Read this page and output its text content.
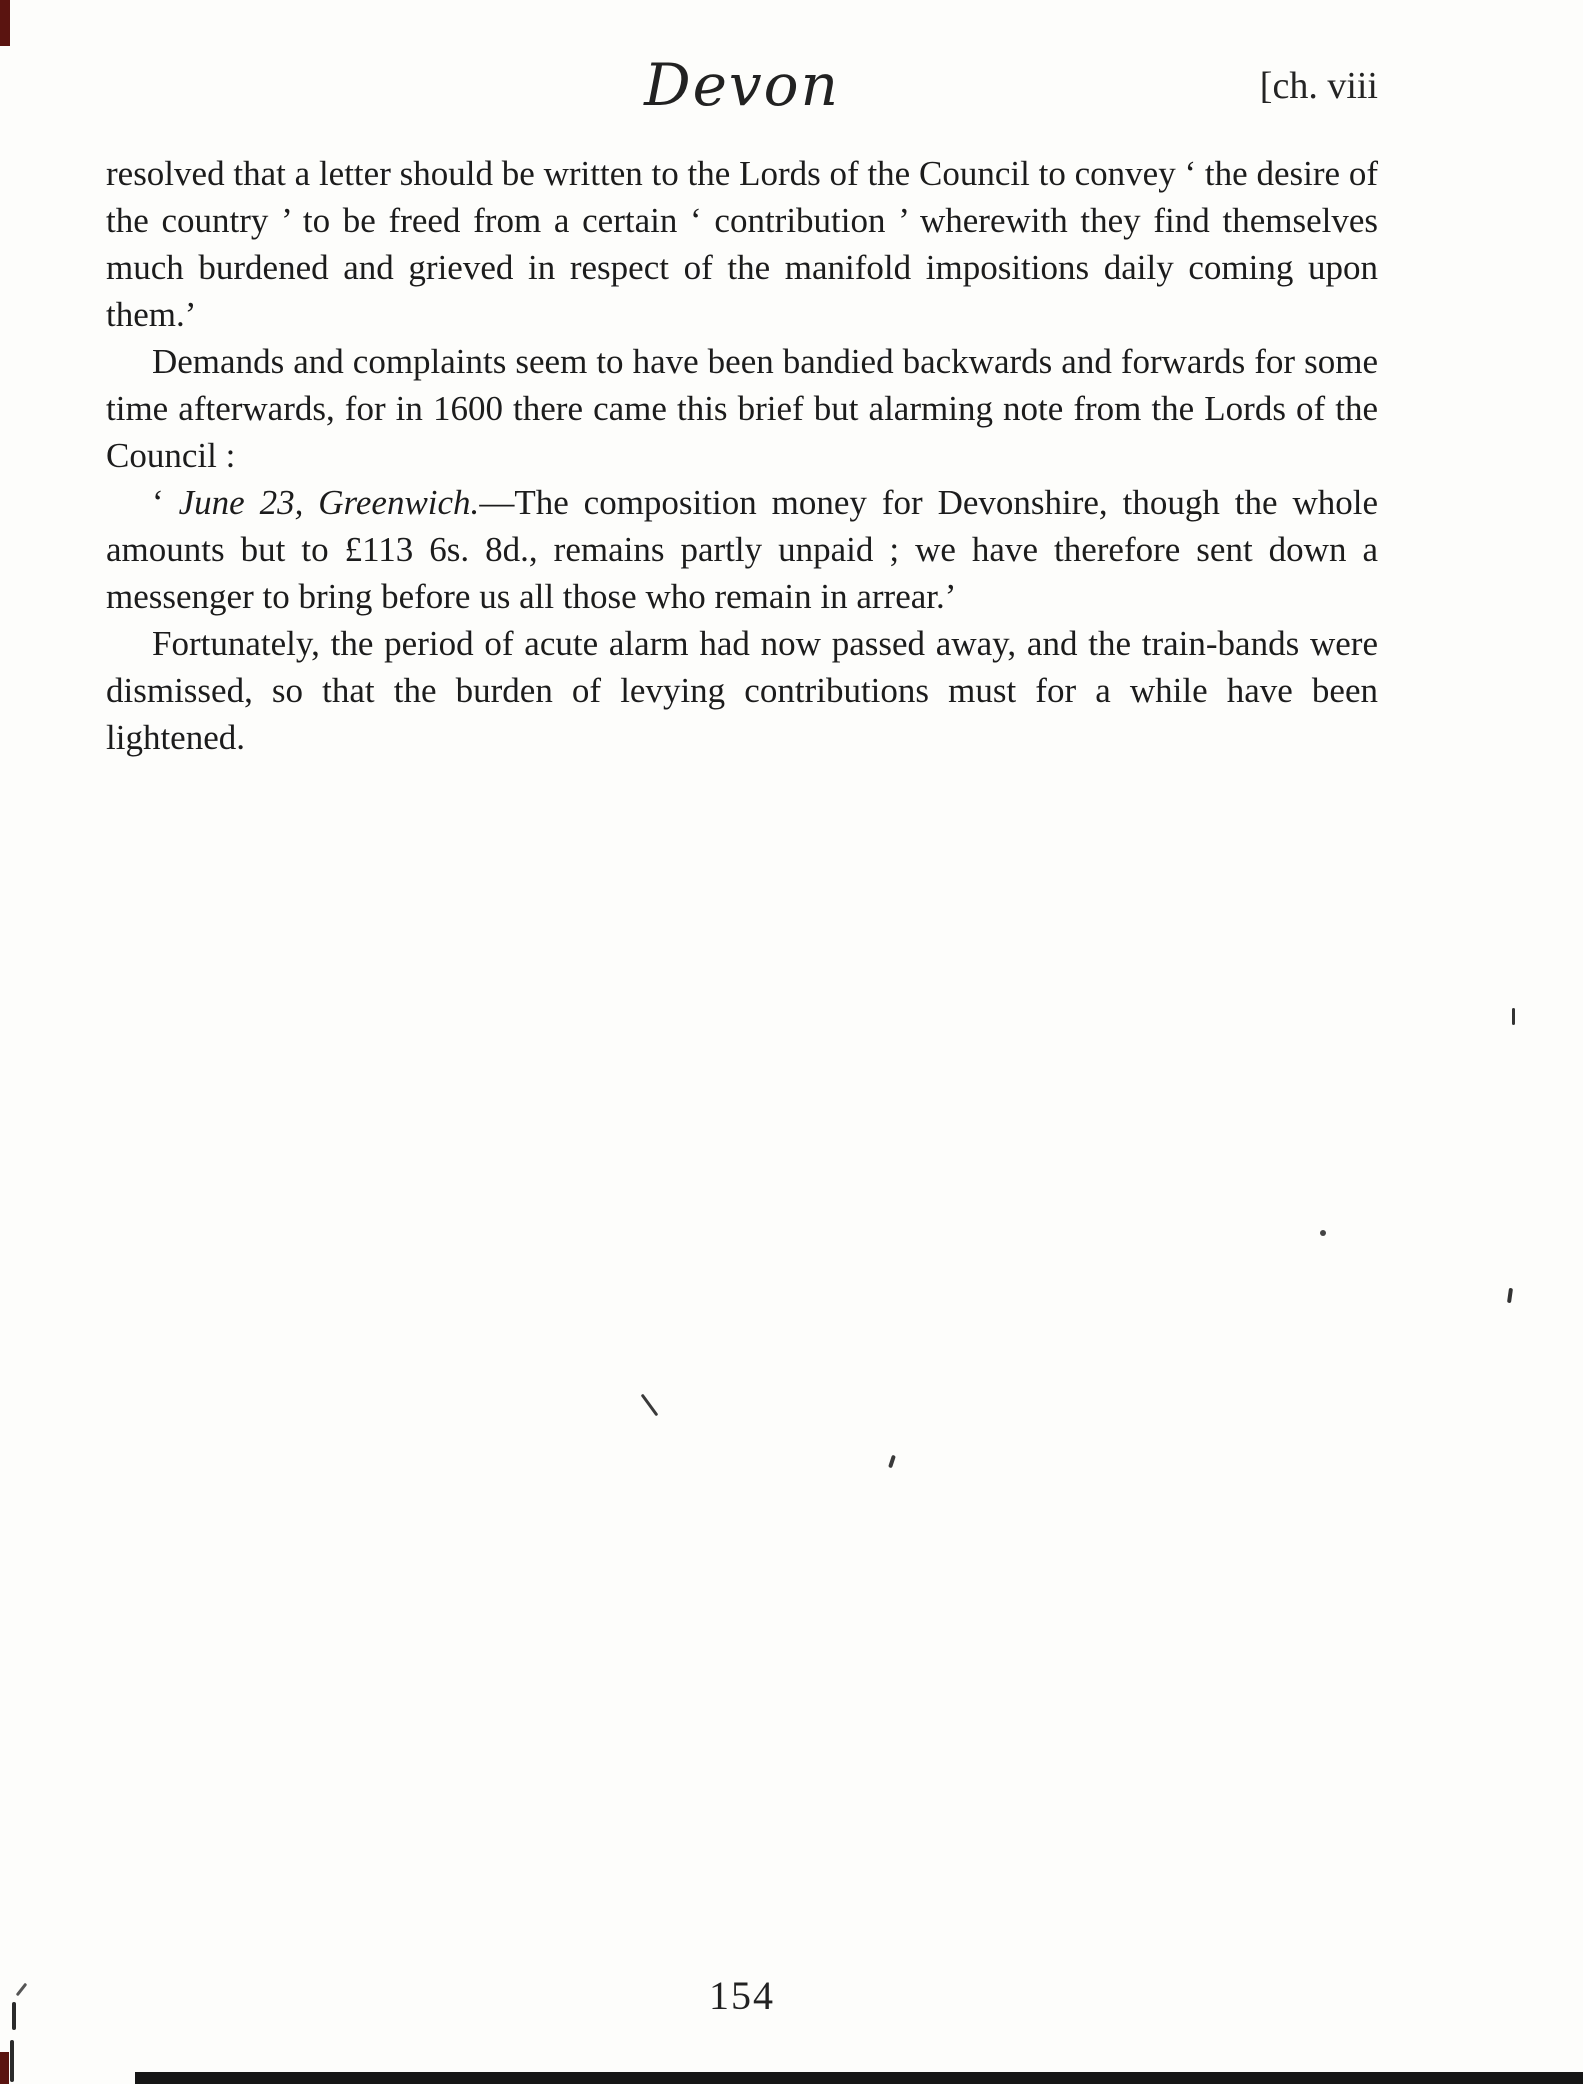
Devon	[ch. viii

resolved that a letter should be written to the Lords of the Council to convey ‘ the desire of the country ’ to be freed from a certain ‘ contribution ’ wherewith they find themselves much burdened and grieved in respect of the manifold impositions daily coming upon them.’

Demands and complaints seem to have been bandied backwards and forwards for some time afterwards, for in 1600 there came this brief but alarming note from the Lords of the Council :

‘ June 23, Greenwich.—The composition money for Devonshire, though the whole amounts but to £113 6s. 8d., remains partly unpaid ; we have therefore sent down a messenger to bring before us all those who remain in arrear.’

Fortunately, the period of acute alarm had now passed away, and the train-bands were dismissed, so that the burden of levying contributions must for a while have been lightened.

154
